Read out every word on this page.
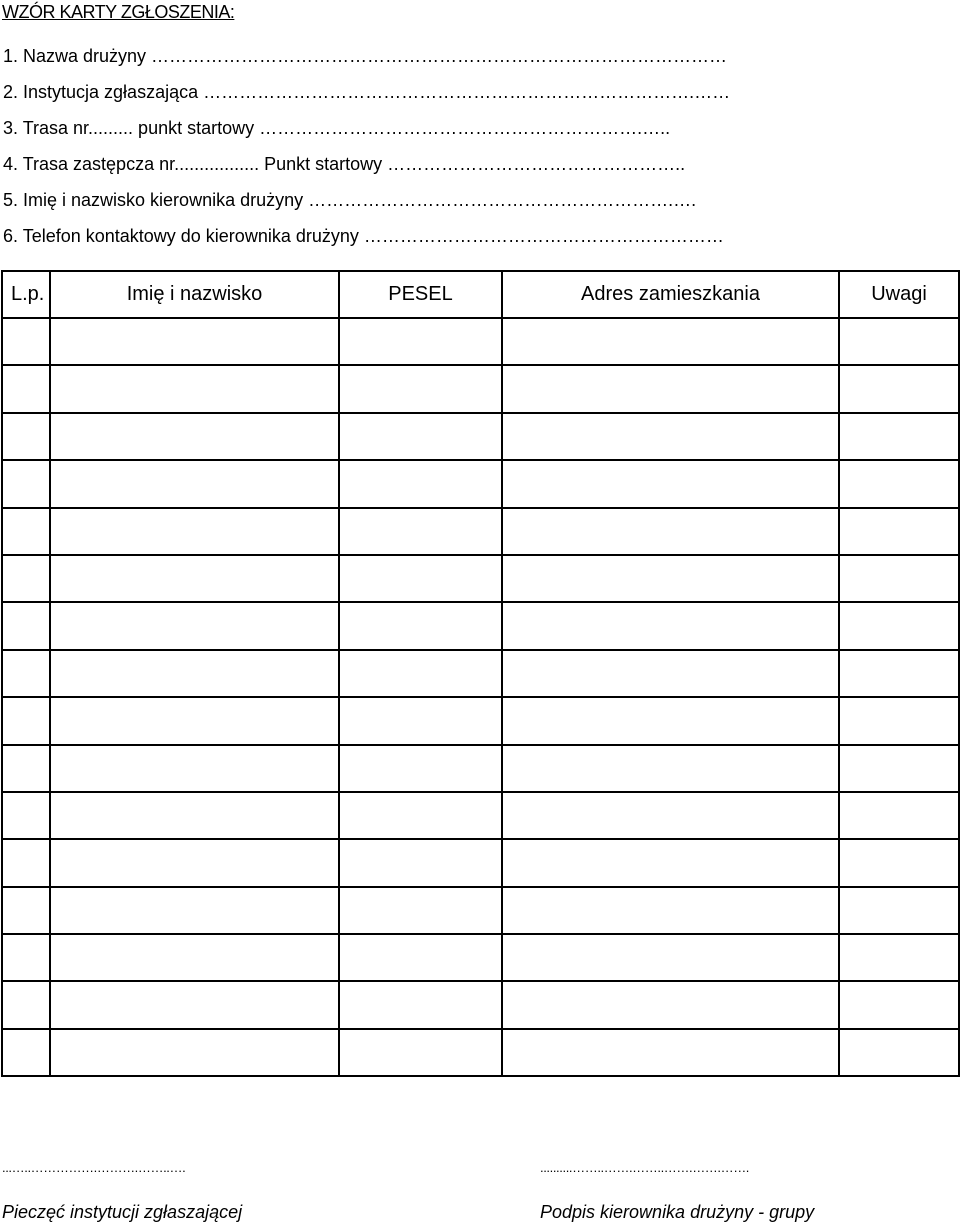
WZÓR KARTY ZGŁOSZENIA:
1. Nazwa drużyny ……………………………………………………………………………………
2. Instytucja zgłaszająca ……………………………………………………………………….……
3. Trasa nr......... punkt startowy ……………………………………………………….…..
4. Trasa zastępcza nr................. Punkt startowy …………………………………………..
5. Imię i nazwisko kierownika drużyny …………………………………………………….….
6. Telefon kontaktowy do kierownika drużyny ……………………………………………………
L.p.	Imię i nazwisko	PESEL	Adres zamieszkania	Uwagi

...…..…………….……….……..….
Pieczęć instytucji zgłaszającej
..........……..…….……..…….…….…….
Podpis kierownika drużyny - grupy
